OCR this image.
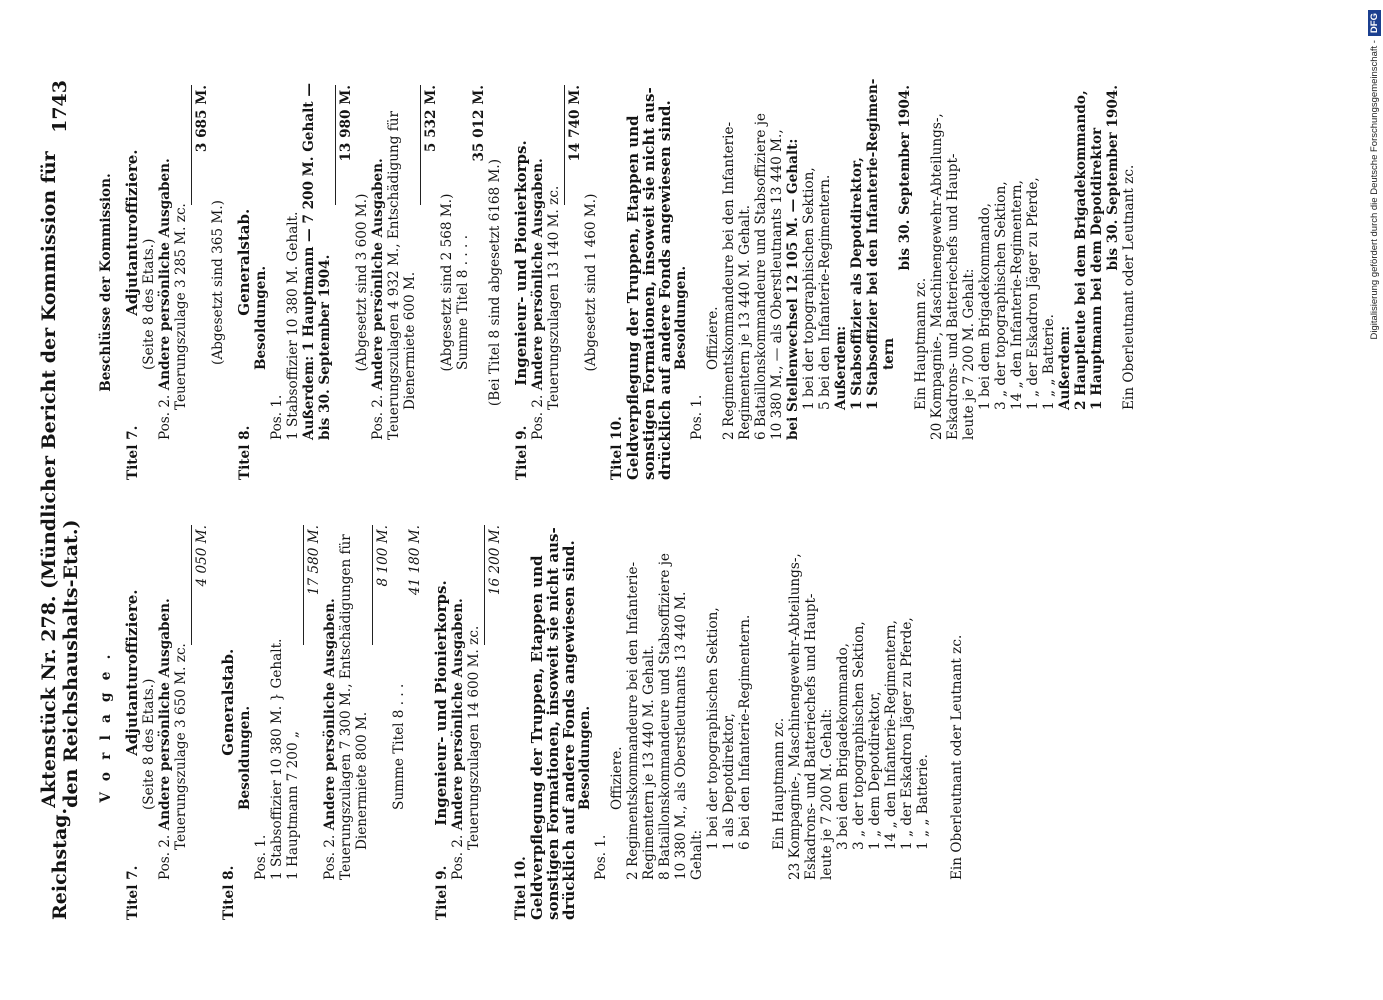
Reichstag.
Aktenstück Nr. 278. (Mündlicher Bericht der Kommission für den Reichshaushalts-Etat.)
1743
Vorlage.
Titel 7.Adjutanturoffiziere. (Seite 8 des Etats.)
Pos. 2. Andere persönliche Ausgaben. Teuerungszulage 3 650 M. zc.
4 050 M.
Titel 8.Generalstab.
Besoldungen.
Pos. 1. 1 Stabsoffizier 10 380 M. } Gehalt.
1 Hauptmann 7 200 „
17 580 M.
Pos. 2. Andere persönliche Ausgaben. Teuerungszulagen 7 300 M., Entschädigungen für Dienermiete 800 M.
8 100 M.
Summe Titel 8 . . .
41 180 M.
Titel 9.Ingenieur- und Pionierkorps.
Pos. 2. Andere persönliche Ausgaben. Teuerungszulagen 14 600 M. zc.
16 200 M.
Titel 10. Geldverpflegung der Truppen, Etappen und
sonstigen Formationen, insoweit sie nicht aus-
drücklich auf andere Fonds angewiesen sind. Besoldungen.
Pos. 1.
Offiziere. 2 Regimentskommandeure bei den Infanterie- Regimentern je 13 440 M. Gehalt. 8 Bataillonskommandeure und Stabsoffiziere je 10 380 M., als Oberstleutnants 13 440 M. Gehalt:
1 bei der topographischen Sektion, 1 als Depotdirektor, 6 bei den Infanterie-Regimentern. Ein Hauptmann zc. 23 Kompagnie-, Maschinengewehr-Abteilungs-, Eskadrons- und Batteriechefs und Haupt- leute je 7 200 M. Gehalt: 3 bei dem Brigadekommando, 3 „ der topographischen Sektion, 1 „ dem Depotdirektor, 14 „ den Infanterie-Regimentern, 1 „ der Eskadron Jäger zu Pferde, 1 „ „ Batterie. Ein Oberleutnant oder Leutnant zc.
Beschlüsse der Kommission.
Titel 7.Adjutanturoffiziere. (Seite 8 des Etats.)
Pos. 2. Andere persönliche Ausgaben. Teuerungszulage 3 285 M. zc.
3 685 M.
(Abgesetzt sind 365 M.)
Titel 8.Generalstab.
Besoldungen.
Pos. 1. 1 Stabsoffizier 10 380 M. Gehalt. Außerdem: 1 Hauptmann — 7 200 M. Gehalt — bis 30. September 1904.
13 980 M.
(Abgesetzt sind 3 600 M.)
Pos. 2. Andere persönliche Ausgaben. Teuerungszulagen 4 932 M., Entschädigung für Dienermiete 600 M.
5 532 M.
(Abgesetzt sind 2 568 M.) Summe Titel 8 . . . .
35 012 M.
(Bei Titel 8 sind abgesetzt 6168 M.)
Titel 9.Ingenieur- und Pionierkorps.
Pos. 2. Andere persönliche Ausgaben. Teuerungszulagen 13 140 M. zc.
14 740 M.
(Abgesetzt sind 1 460 M.)
Titel 10. Geldverpflegung der Truppen, Etappen und
sonstigen Formationen, insoweit sie nicht aus-
drücklich auf andere Fonds angewiesen sind. Besoldungen.
Pos. 1.
Offiziere. 2 Regimentskommandeure bei den Infanterie- Regimentern je 13 440 M. Gehalt. 6 Bataillonskommandeure und Stabsoffiziere je 10 380 M., — als Oberstleutnants 13 440 M., bei Stellenwechsel 12 105 M. — Gehalt: 1 bei der topographischen Sektion, 5 bei den Infanterie-Regimentern. Außerdem: 1 Stabsoffizier als Depotdirektor, 1 Stabsoffizier bei den Infanterie-Regimen- tern
bis 30. September 1904.
Ein Hauptmann zc. 20 Kompagnie-, Maschinengewehr-Abteilungs-, Eskadrons- und Batteriechefs und Haupt- leute je 7 200 M. Gehalt: 1 bei dem Brigadekommando, 3 „ der topographischen Sektion, 14 „ den Infanterie-Regimentern, 1 „ der Eskadron Jäger zu Pferde, 1 „ „ Batterie. Außerdem: 2 Hauptleute bei dem Brigadekommando, 1 Hauptmann bei dem Depotdirektor bis 30. September 1904. Ein Oberleutnant oder Leutnant zc.	Digitalisierung gefördert durch die Deutsche Forschungsgemeinschaft -DFG
